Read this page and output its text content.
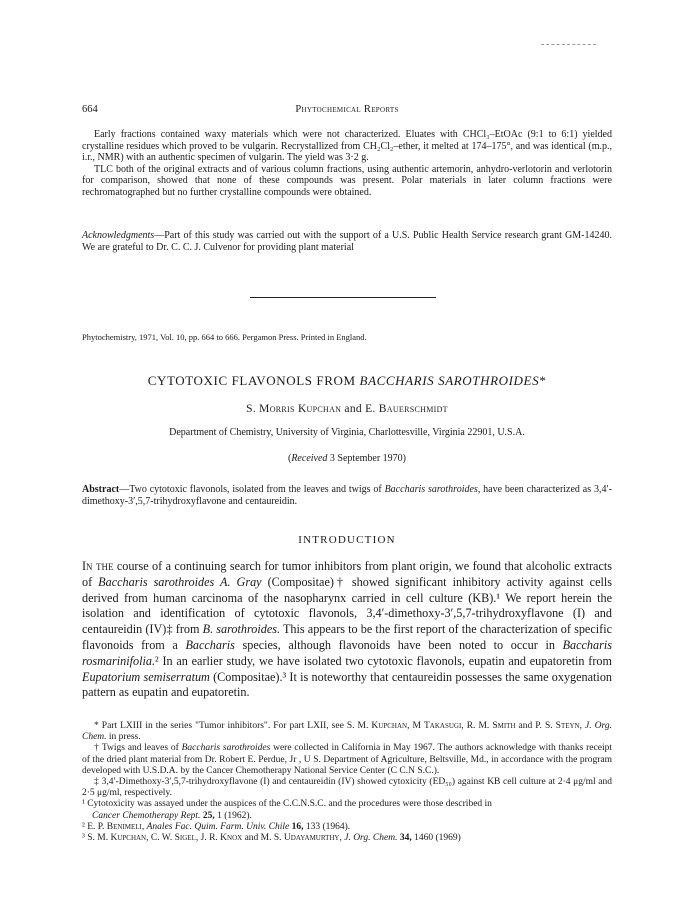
664	Phytochemical Reports

Early fractions contained waxy materials which were not characterized. Eluates with CHCl₃–EtOAc (9:1 to 6:1) yielded crystalline residues which proved to be vulgarin. Recrystallized from CH₂Cl₂–ether, it melted at 174–175°, and was identical (m.p., i.r., NMR) with an authentic specimen of vulgarin. The yield was 3·2 g.

TLC both of the original extracts and of various column fractions, using authentic artemorin, anhydro-verlotorin and verlotorin for comparison, showed that none of these compounds was present. Polar materials in later column fractions were rechromatographed but no further crystalline compounds were obtained.

Acknowledgments—Part of this study was carried out with the support of a U.S. Public Health Service research grant GM-14240. We are grateful to Dr. C. C. J. Culvenor for providing plant material

Phytochemistry, 1971, Vol. 10, pp. 664 to 666. Pergamon Press. Printed in England.
CYTOTOXIC FLAVONOLS FROM BACCHARIS SAROTHROIDES*
S. Morris Kupchan and E. Bauerschmidt
Department of Chemistry, University of Virginia, Charlottesville, Virginia 22901, U.S.A.
(Received 3 September 1970)

Abstract—Two cytotoxic flavonols, isolated from the leaves and twigs of Baccharis sarothroides, have been characterized as 3,4′-dimethoxy-3′,5,7-trihydroxyflavone and centaureidin.

INTRODUCTION

In the course of a continuing search for tumor inhibitors from plant origin, we found that alcoholic extracts of Baccharis sarothroides A. Gray (Compositae)† showed significant inhibitory activity against cells derived from human carcinoma of the nasopharynx carried in cell culture (KB).¹ We report herein the isolation and identification of cytotoxic flavonols, 3,4′-dimethoxy-3′,5,7-trihydroxyflavone (I) and centaureidin (IV)‡ from B. sarothroides. This appears to be the first report of the characterization of specific flavonoids from a Baccharis species, although flavonoids have been noted to occur in Baccharis rosmarinifolia.² In an earlier study, we have isolated two cytotoxic flavonols, eupatin and eupatoretin from Eupatorium semiserratum (Compositae).³ It is noteworthy that centaureidin possesses the same oxygenation pattern as eupatin and eupatoretin.

* Part LXIII in the series "Tumor inhibitors". For part LXII, see S. M. Kupchan, M Takasugi, R. M. Smith and P. S. Steyn, J. Org. Chem. in press.

† Twigs and leaves of Baccharis sarothroides were collected in California in May 1967. The authors acknowledge with thanks receipt of the dried plant material from Dr. Robert E. Perdue, Jr , U S. Department of Agriculture, Beltsville, Md., in accordance with the program developed with U.S.D.A. by the Cancer Chemotherapy National Service Center (C C.N S.C.).

‡ 3,4′-Dimethoxy-3′,5,7-trihydroxyflavone (I) and centaureidin (IV) showed cytoxicity (ED₅₀) against KB cell culture at 2·4 μg/ml and 2·5 μg/ml, respectively.

¹ Cytotoxicity was assayed under the auspices of the C.C.N.S.C. and the procedures were those described in

Cancer Chemotherapy Rept. 25, 1 (1962).

² E. P. Benimeli, Anales Fac. Quim. Farm. Univ. Chile 16, 133 (1964).

³ S. M. Kupchan, C. W. Sigel, J. R. Knox and M. S. Udayamurthy, J. Org. Chem. 34, 1460 (1969)
